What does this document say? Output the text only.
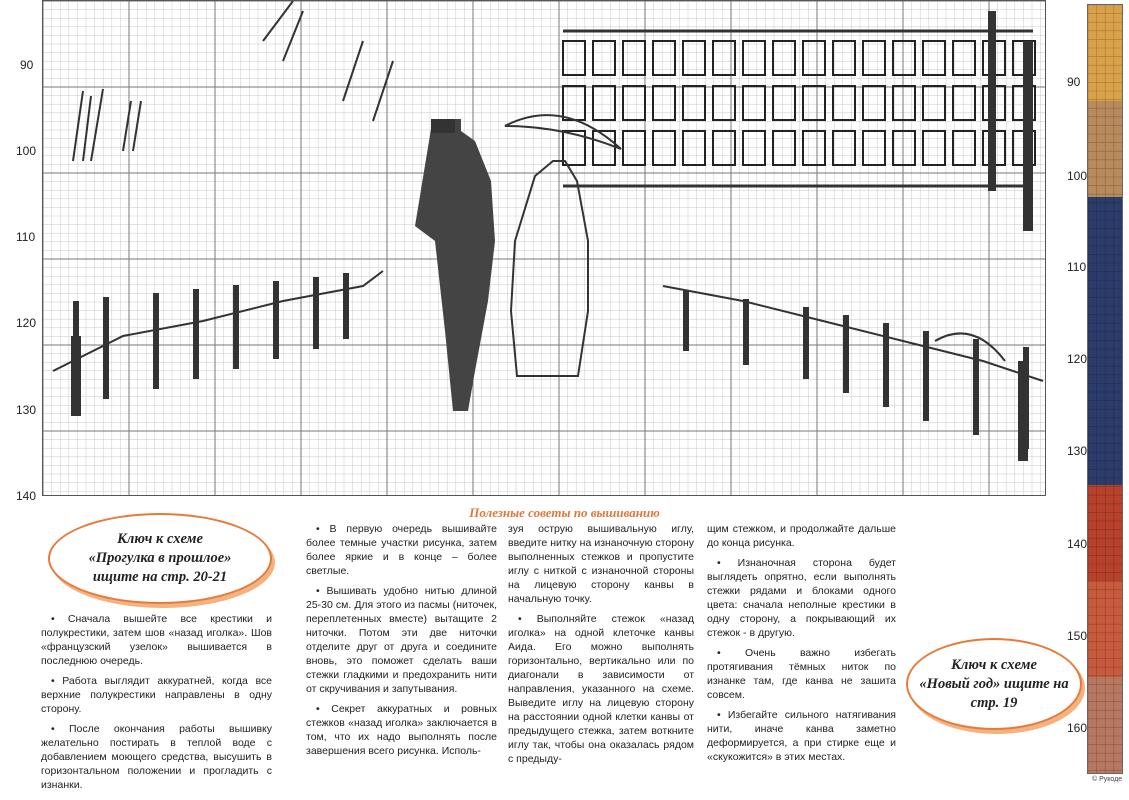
90
100
110
120
130
140
90
100
110
120
130
140
150
160
© Рукоде
Полезные советы по вышиванию
Ключ к схеме
«Прогулка в прошлое»
ищите на стр. 20-21
Ключ к схеме
«Новый год» ищите на
стр. 19

• Сначала вышейте все крестики и полукрестики, затем шов «назад иголка». Шов «французский узелок» вышивается в последнюю очередь.

• Работа выглядит аккуратней, когда все верхние полукрестики направлены в одну сторону.

• После окончания работы вышивку желательно постирать в теплой воде с добавлением моющего средства, высушить в горизонтальном положении и прогладить с изнанки.

• В первую очередь вышивайте более темные участки рисунка, затем более яркие и в конце – более светлые.

• Вышивать удобно нитью длиной 25-30 см. Для этого из пасмы (ниточек, переплетенных вместе) вытащите 2 ниточки. Потом эти две ниточки отделите друг от друга и соедините вновь, это поможет сделать ваши стежки гладкими и предохранить нити от скручивания и запутывания.

• Секрет аккуратных и ровных стежков «назад иголка» заключается в том, что их надо выполнять после завершения всего рисунка. Исполь-

зуя острую вышивальную иглу, введите нитку на изнаночную сторону выполненных стежков и пропустите иглу с ниткой с изнаночной стороны на лицевую сторону канвы в начальную точку.

• Выполняйте стежок «назад иголка» на одной клеточке канвы Аида. Его можно выполнять горизонтально, вертикально или по диагонали в зависимости от направления, указанного на схеме. Выведите иглу на лицевую сторону на расстоянии одной клетки канвы от предыдущего стежка, затем воткните иглу так, чтобы она оказалась рядом с предыду-

щим стежком, и продолжайте дальше до конца рисунка.

• Изнаночная сторона будет выглядеть опрятно, если выполнять стежки рядами и блоками одного цвета: сначала неполные крестики в одну сторону, а покрывающий их стежок - в другую.

• Очень важно избегать протягивания тёмных ниток по изнанке там, где канва не зашита совсем.

• Избегайте сильного натягивания нити, иначе канва заметно деформируется, а при стирке еще и «скукожится» в этих местах.
